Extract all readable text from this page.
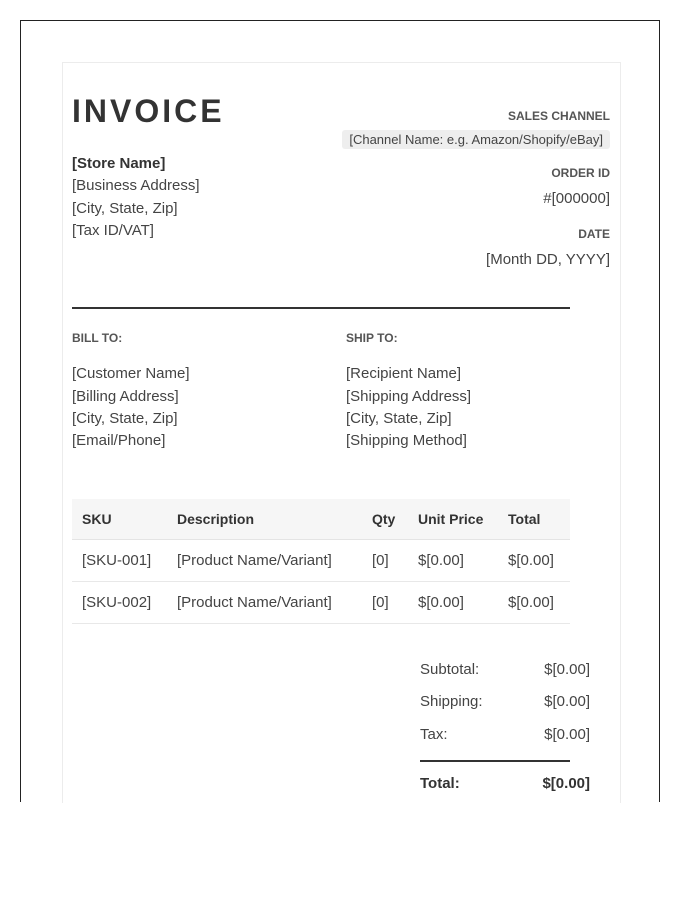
INVOICE
[Store Name]
[Business Address]
[City, State, Zip]
[Tax ID/VAT]
SALES CHANNEL
[Channel Name: e.g. Amazon/Shopify/eBay]
ORDER ID
#[000000]
DATE
[Month DD, YYYY]
BILL TO:
[Customer Name]
[Billing Address]
[City, State, Zip]
[Email/Phone]
SHIP TO:
[Recipient Name]
[Shipping Address]
[City, State, Zip]
[Shipping Method]
SKU	Description	Qty	Unit Price	Total
[SKU-001]	[Product Name/Variant]	[0]	$[0.00]	$[0.00]
[SKU-002]	[Product Name/Variant]	[0]	$[0.00]	$[0.00]
Subtotal:	$[0.00]
Shipping:	$[0.00]
Tax:	$[0.00]
Total:	$[0.00]
